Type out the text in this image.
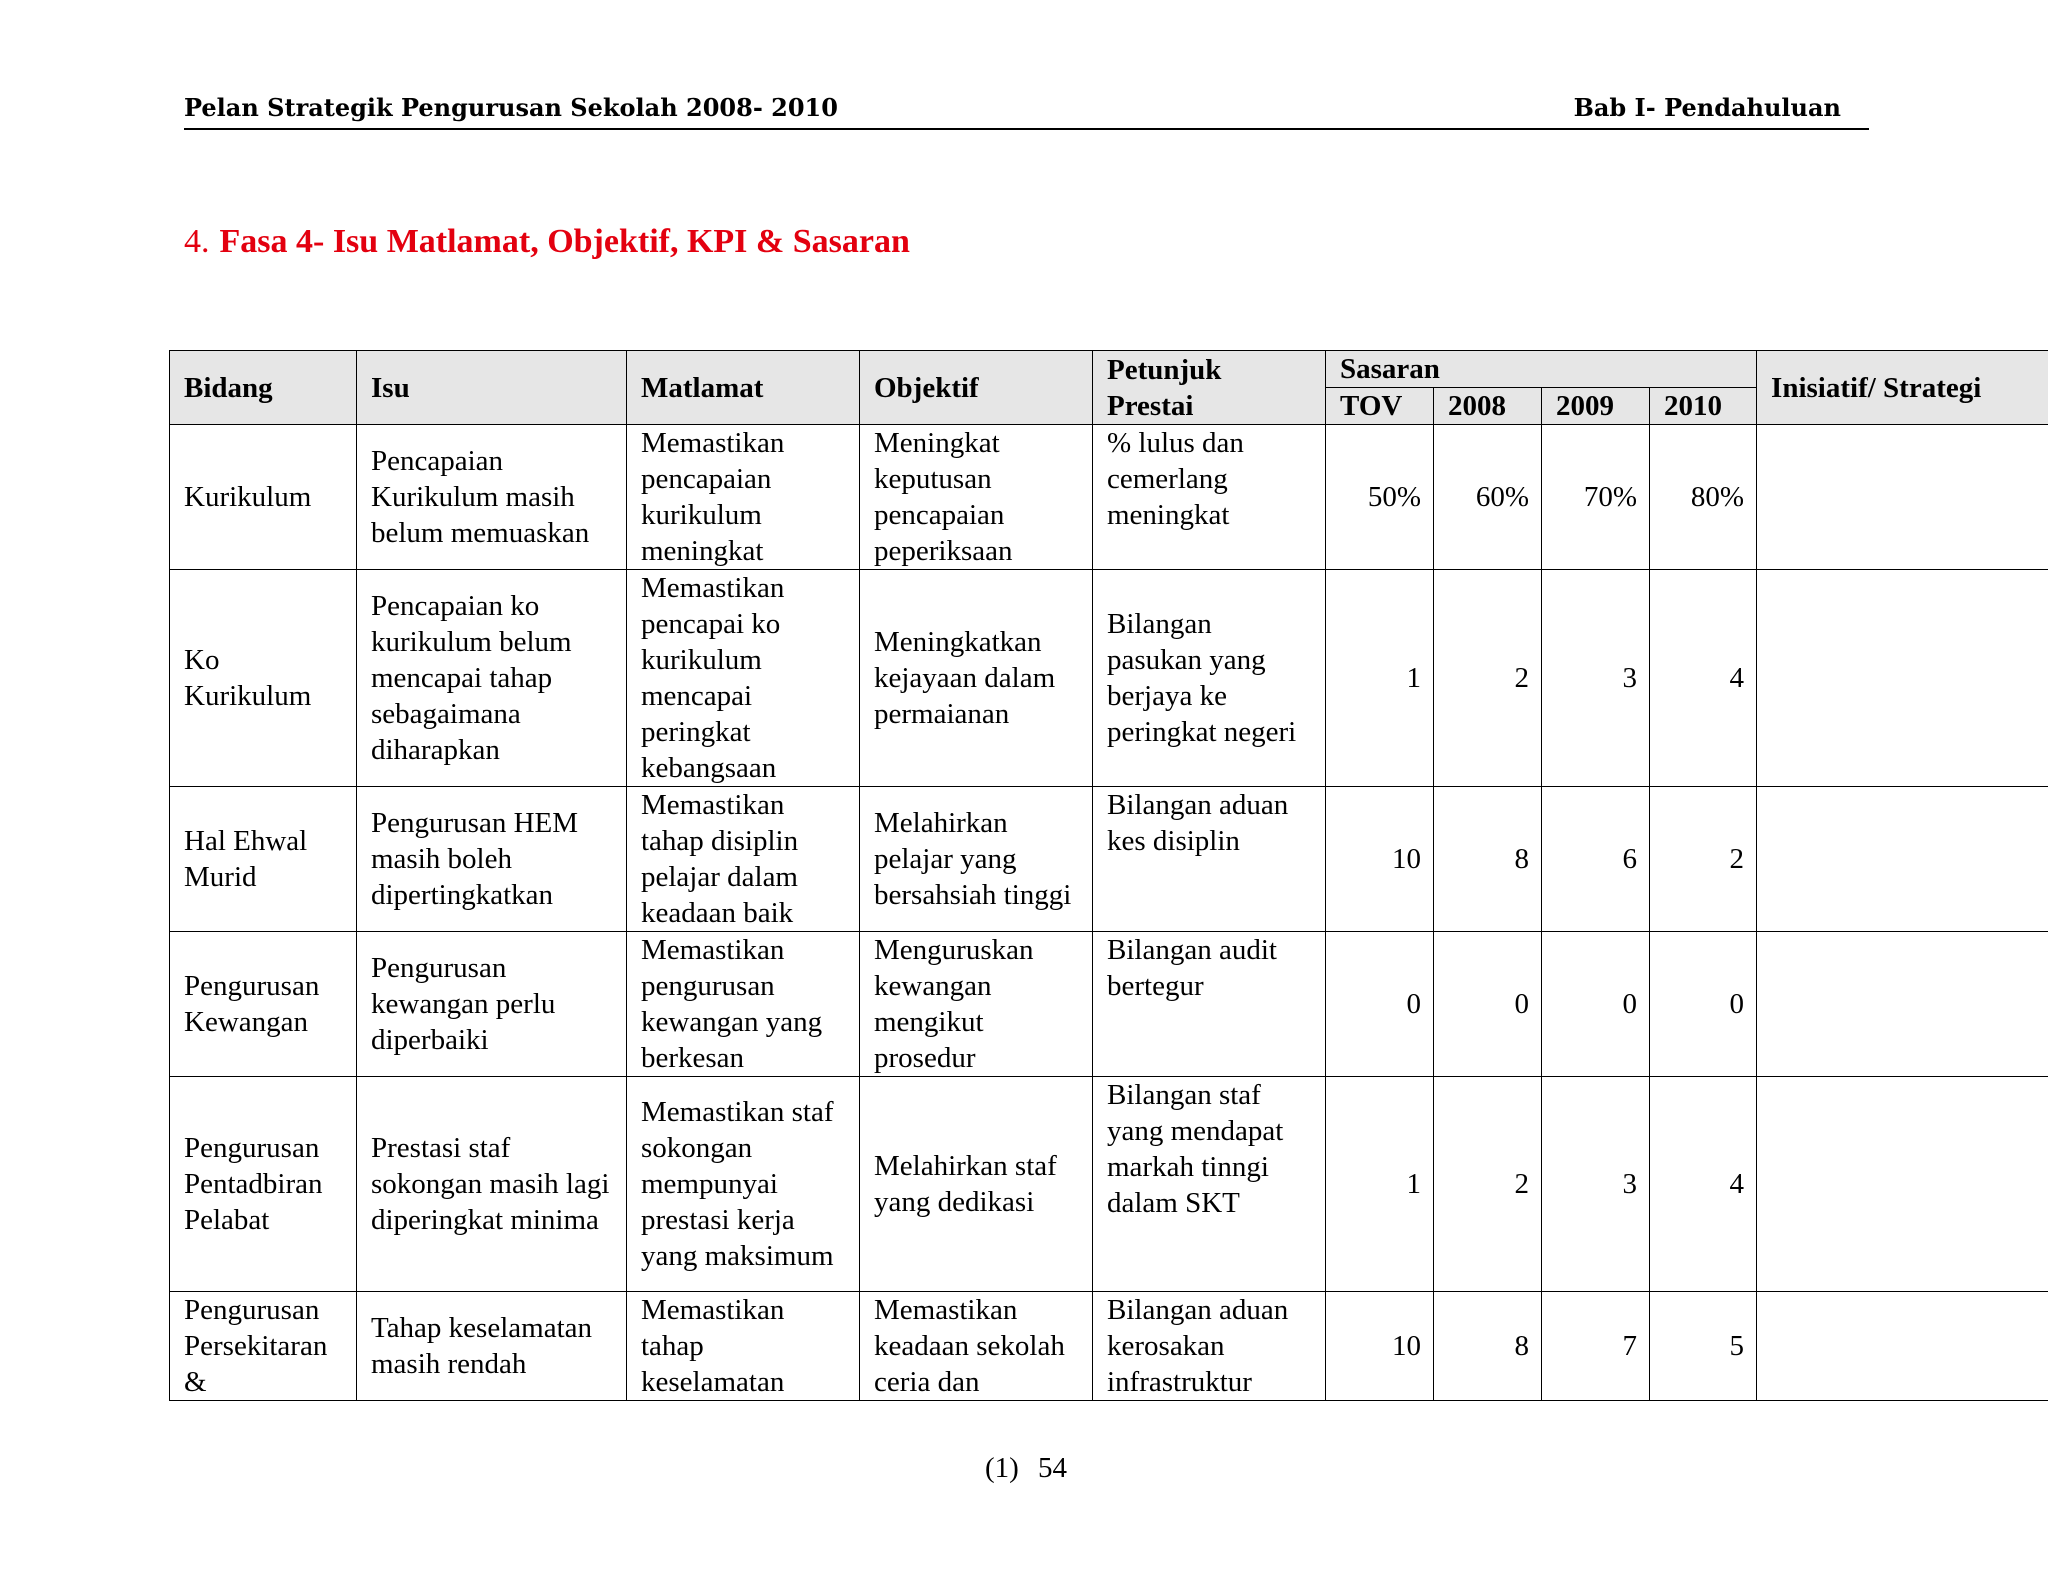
Pelan Strategik Pengurusan Sekolah 2008- 2010	Bab I- Pendahuluan
4. Fasa 4- Isu Matlamat, Objektif, KPI & Sasaran
Bidang	Isu	Matlamat	Objektif	Petunjuk Prestai	Sasaran				Inisiatif/ Strategi
					TOV	2008	2009	2010	
Kurikulum	Pencapaian Kurikulum masih belum memuaskan	Memastikan pencapaian kurikulum meningkat	Meningkat keputusan pencapaian peperiksaan	% lulus dan cemerlang meningkat	50%	60%	70%	80%	
Ko Kurikulum	Pencapaian ko kurikulum belum mencapai tahap sebagaimana diharapkan	Memastikan pencapai ko kurikulum mencapai peringkat kebangsaan	Meningkatkan kejayaan dalam permaianan	Bilangan pasukan yang berjaya ke peringkat negeri	1	2	3	4	
Hal Ehwal Murid	Pengurusan HEM masih boleh dipertingkatkan	Memastikan tahap disiplin pelajar dalam keadaan baik	Melahirkan pelajar yang bersahsiah tinggi	Bilangan aduan kes disiplin	10	8	6	2	
Pengurusan Kewangan	Pengurusan kewangan perlu diperbaiki	Memastikan pengurusan kewangan yang berkesan	Menguruskan kewangan mengikut prosedur	Bilangan audit bertegur	0	0	0	0	
Pengurusan Pentadbiran Pelabat	Prestasi staf sokongan masih lagi diperingkat minima	Memastikan staf sokongan mempunyai prestasi kerja yang maksimum	Melahirkan staf yang dedikasi	Bilangan staf yang mendapat markah tinngi dalam SKT	1	2	3	4	
Pengurusan Persekitaran &	Tahap keselamatan masih rendah	Memastikan tahap keselamatan	Memastikan keadaan sekolah ceria dan	Bilangan aduan kerosakan infrastruktur	10	8	7	5	
(1) 54
